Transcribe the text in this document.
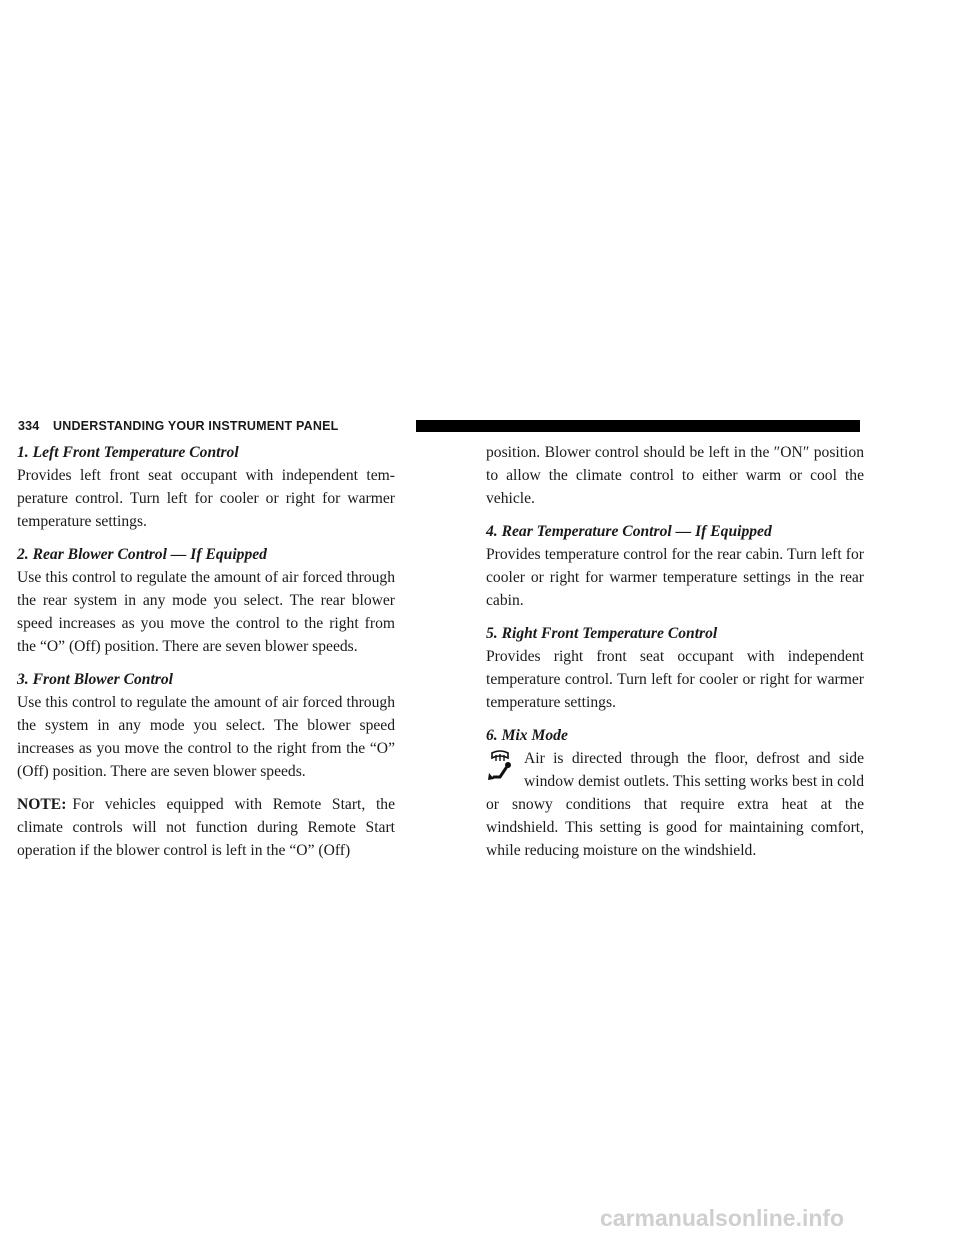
334 UNDERSTANDING YOUR INSTRUMENT PANEL
1. Left Front Temperature Control

Provides left front seat occupant with independent tem-perature control. Turn left for cooler or right for warmer temperature settings.

2. Rear Blower Control — If Equipped

Use this control to regulate the amount of air forced through the rear system in any mode you select. The rear blower speed increases as you move the control to the right from the “O” (Off) position. There are seven blower speeds.

3. Front Blower Control

Use this control to regulate the amount of air forced through the system in any mode you select. The blower speed increases as you move the control to the right from the “O” (Off) position. There are seven blower speeds.

NOTE: For vehicles equipped with Remote Start, the climate controls will not function during Remote Start operation if the blower control is left in the “O” (Off)

position. Blower control should be left in the ″ON″ position to allow the climate control to either warm or cool the vehicle.

4. Rear Temperature Control — If Equipped

Provides temperature control for the rear cabin. Turn left for cooler or right for warmer temperature settings in the rear cabin.

5. Right Front Temperature Control

Provides right front seat occupant with independent temperature control. Turn left for cooler or right for warmer temperature settings.

6. Mix Mode

Air is directed through the floor, defrost and side window demist outlets. This setting works best in cold or snowy conditions that require extra heat at the windshield. This setting is good for maintaining comfort, while reducing moisture on the windshield.

carmanualsonline.info
